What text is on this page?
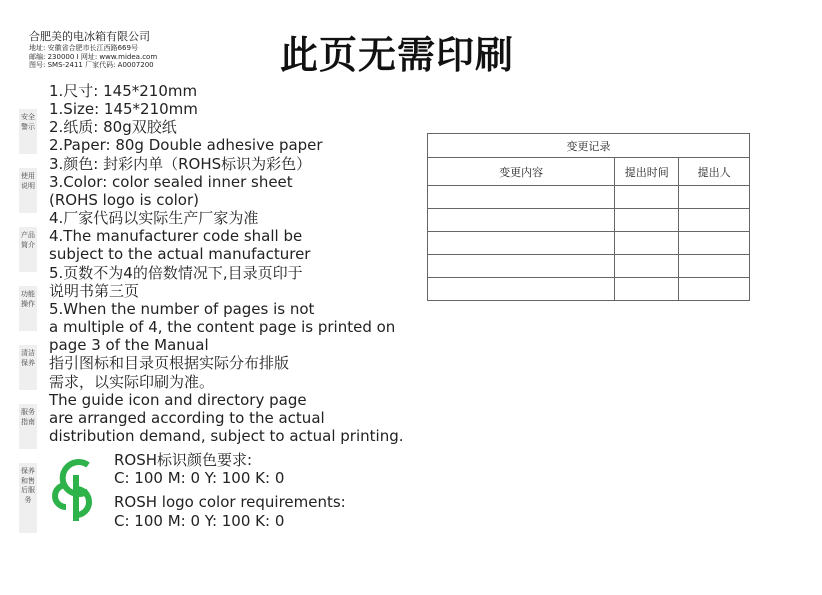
合肥美的电冰箱有限公司
地址: 安徽省合肥市长江西路669号
邮编: 230000 I 网址: www.midea.com
图号: SMS-2411 厂家代码: A0007200	此页无需印刷
安全警示
使用说明
产品简介
功能操作
清洁保养
服务指南
保养和售后服务
1.尺寸: 145*210mm
1.Size: 145*210mm
2.纸质: 80g双胶纸
2.Paper: 80g Double adhesive paper
3.颜色: 封彩内单（ROHS标识为彩色）
3.Color: color sealed inner sheet
(ROHS logo is color)
4.厂家代码以实际生产厂家为准
4.The manufacturer code shall be
subject to the actual manufacturer
5.页数不为4的倍数情况下,目录页印于
说明书第三页
5.When the number of pages is not
a multiple of 4, the content page is printed on
page 3 of the Manual
指引图标和目录页根据实际分布排版
需求，以实际印刷为准。
The guide icon and directory page
are arranged according to the actual
distribution demand, subject to actual printing.
ROSH标识颜色要求:
C: 100 M: 0 Y: 100 K: 0
ROSH logo color requirements:
C: 100 M: 0 Y: 100 K: 0
变更记录		
变更内容	提出时间	提出人
